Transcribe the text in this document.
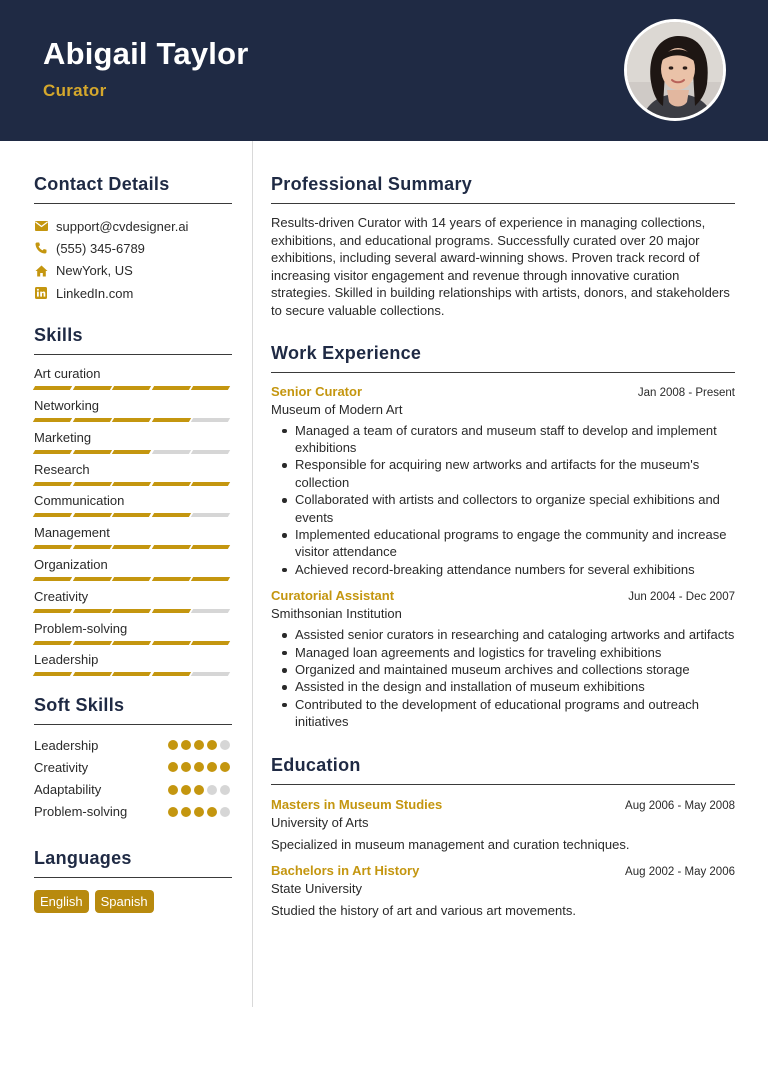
Abigail Taylor
Curator
Contact Details
support@cvdesigner.ai
(555) 345-6789
NewYork, US
LinkedIn.com
Skills
Art curation
Networking
Marketing
Research
Communication
Management
Organization
Creativity
Problem-solving
Leadership
Soft Skills
Leadership
Creativity
Adaptability
Problem-solving
Languages
English	Spanish
Professional Summary
Results-driven Curator with 14 years of experience in managing collections, exhibitions, and educational programs. Successfully curated over 20 major exhibitions, including several award-winning shows. Proven track record of increasing visitor engagement and revenue through innovative curation strategies. Skilled in building relationships with artists, donors, and stakeholders to secure valuable collections.
Work Experience
Senior Curator	Jan 2008 - Present
Museum of Modern Art
Managed a team of curators and museum staff to develop and implement exhibitions
Responsible for acquiring new artworks and artifacts for the museum's collection
Collaborated with artists and collectors to organize special exhibitions and events
Implemented educational programs to engage the community and increase visitor attendance
Achieved record-breaking attendance numbers for several exhibitions
Curatorial Assistant	Jun 2004 - Dec 2007
Smithsonian Institution
Assisted senior curators in researching and cataloging artworks and artifacts
Managed loan agreements and logistics for traveling exhibitions
Organized and maintained museum archives and collections storage
Assisted in the design and installation of museum exhibitions
Contributed to the development of educational programs and outreach initiatives
Education
Masters in Museum Studies	Aug 2006 - May 2008
University of Arts
Specialized in museum management and curation techniques.
Bachelors in Art History	Aug 2002 - May 2006
State University
Studied the history of art and various art movements.
